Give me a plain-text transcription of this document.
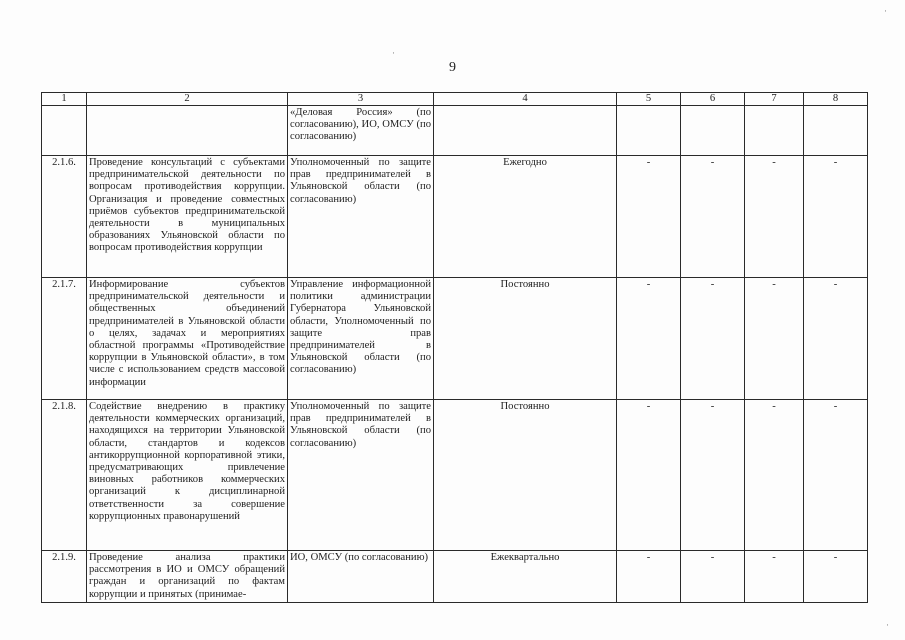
9
1	2	3	4	5	6	7	8
		«Деловая Россия» (по согласованию), ИО, ОМСУ (по согласованию)					
2.1.6.	Проведение консультаций с субъектами предпринимательской деятельности по вопросам противодействия коррупции. Организация и проведение совместных приёмов субъектов предпринимательской деятельности в муниципальных образованиях Ульяновской области по вопросам противодействия коррупции	Уполномоченный по защите прав предпринимателей в Ульяновской области (по согласованию)	Ежегодно	-	-	-	-
2.1.7.	Информирование субъектов предпринимательской деятельности и общественных объединений предпринимателей в Ульяновской области о целях, задачах и мероприятиях областной программы «Противодействие коррупции в Ульяновской области», в том числе с использованием средств массовой информации	Управление информационной политики администрации Губернатора Ульяновской области, Уполномоченный по защите прав предпринимателей в Ульяновской области (по согласованию)	Постоянно	-	-	-	-
2.1.8.	Содействие внедрению в практику деятельности коммерческих организаций, находящихся на территории Ульяновской области, стандартов и кодексов антикоррупционной корпоративной этики, предусматривающих привлечение виновных работников коммерческих организаций к дисциплинарной ответственности за совершение коррупционных правонарушений	Уполномоченный по защите прав предпринимателей в Ульяновской области (по согласованию)	Постоянно	-	-	-	-
2.1.9.	Проведение анализа практики рассмотрения в ИО и ОМСУ обращений граждан и организаций по фактам коррупции и принятых (принимае-	ИО, ОМСУ (по согласованию)	Ежеквартально	-	-	-	-
·
·
·
